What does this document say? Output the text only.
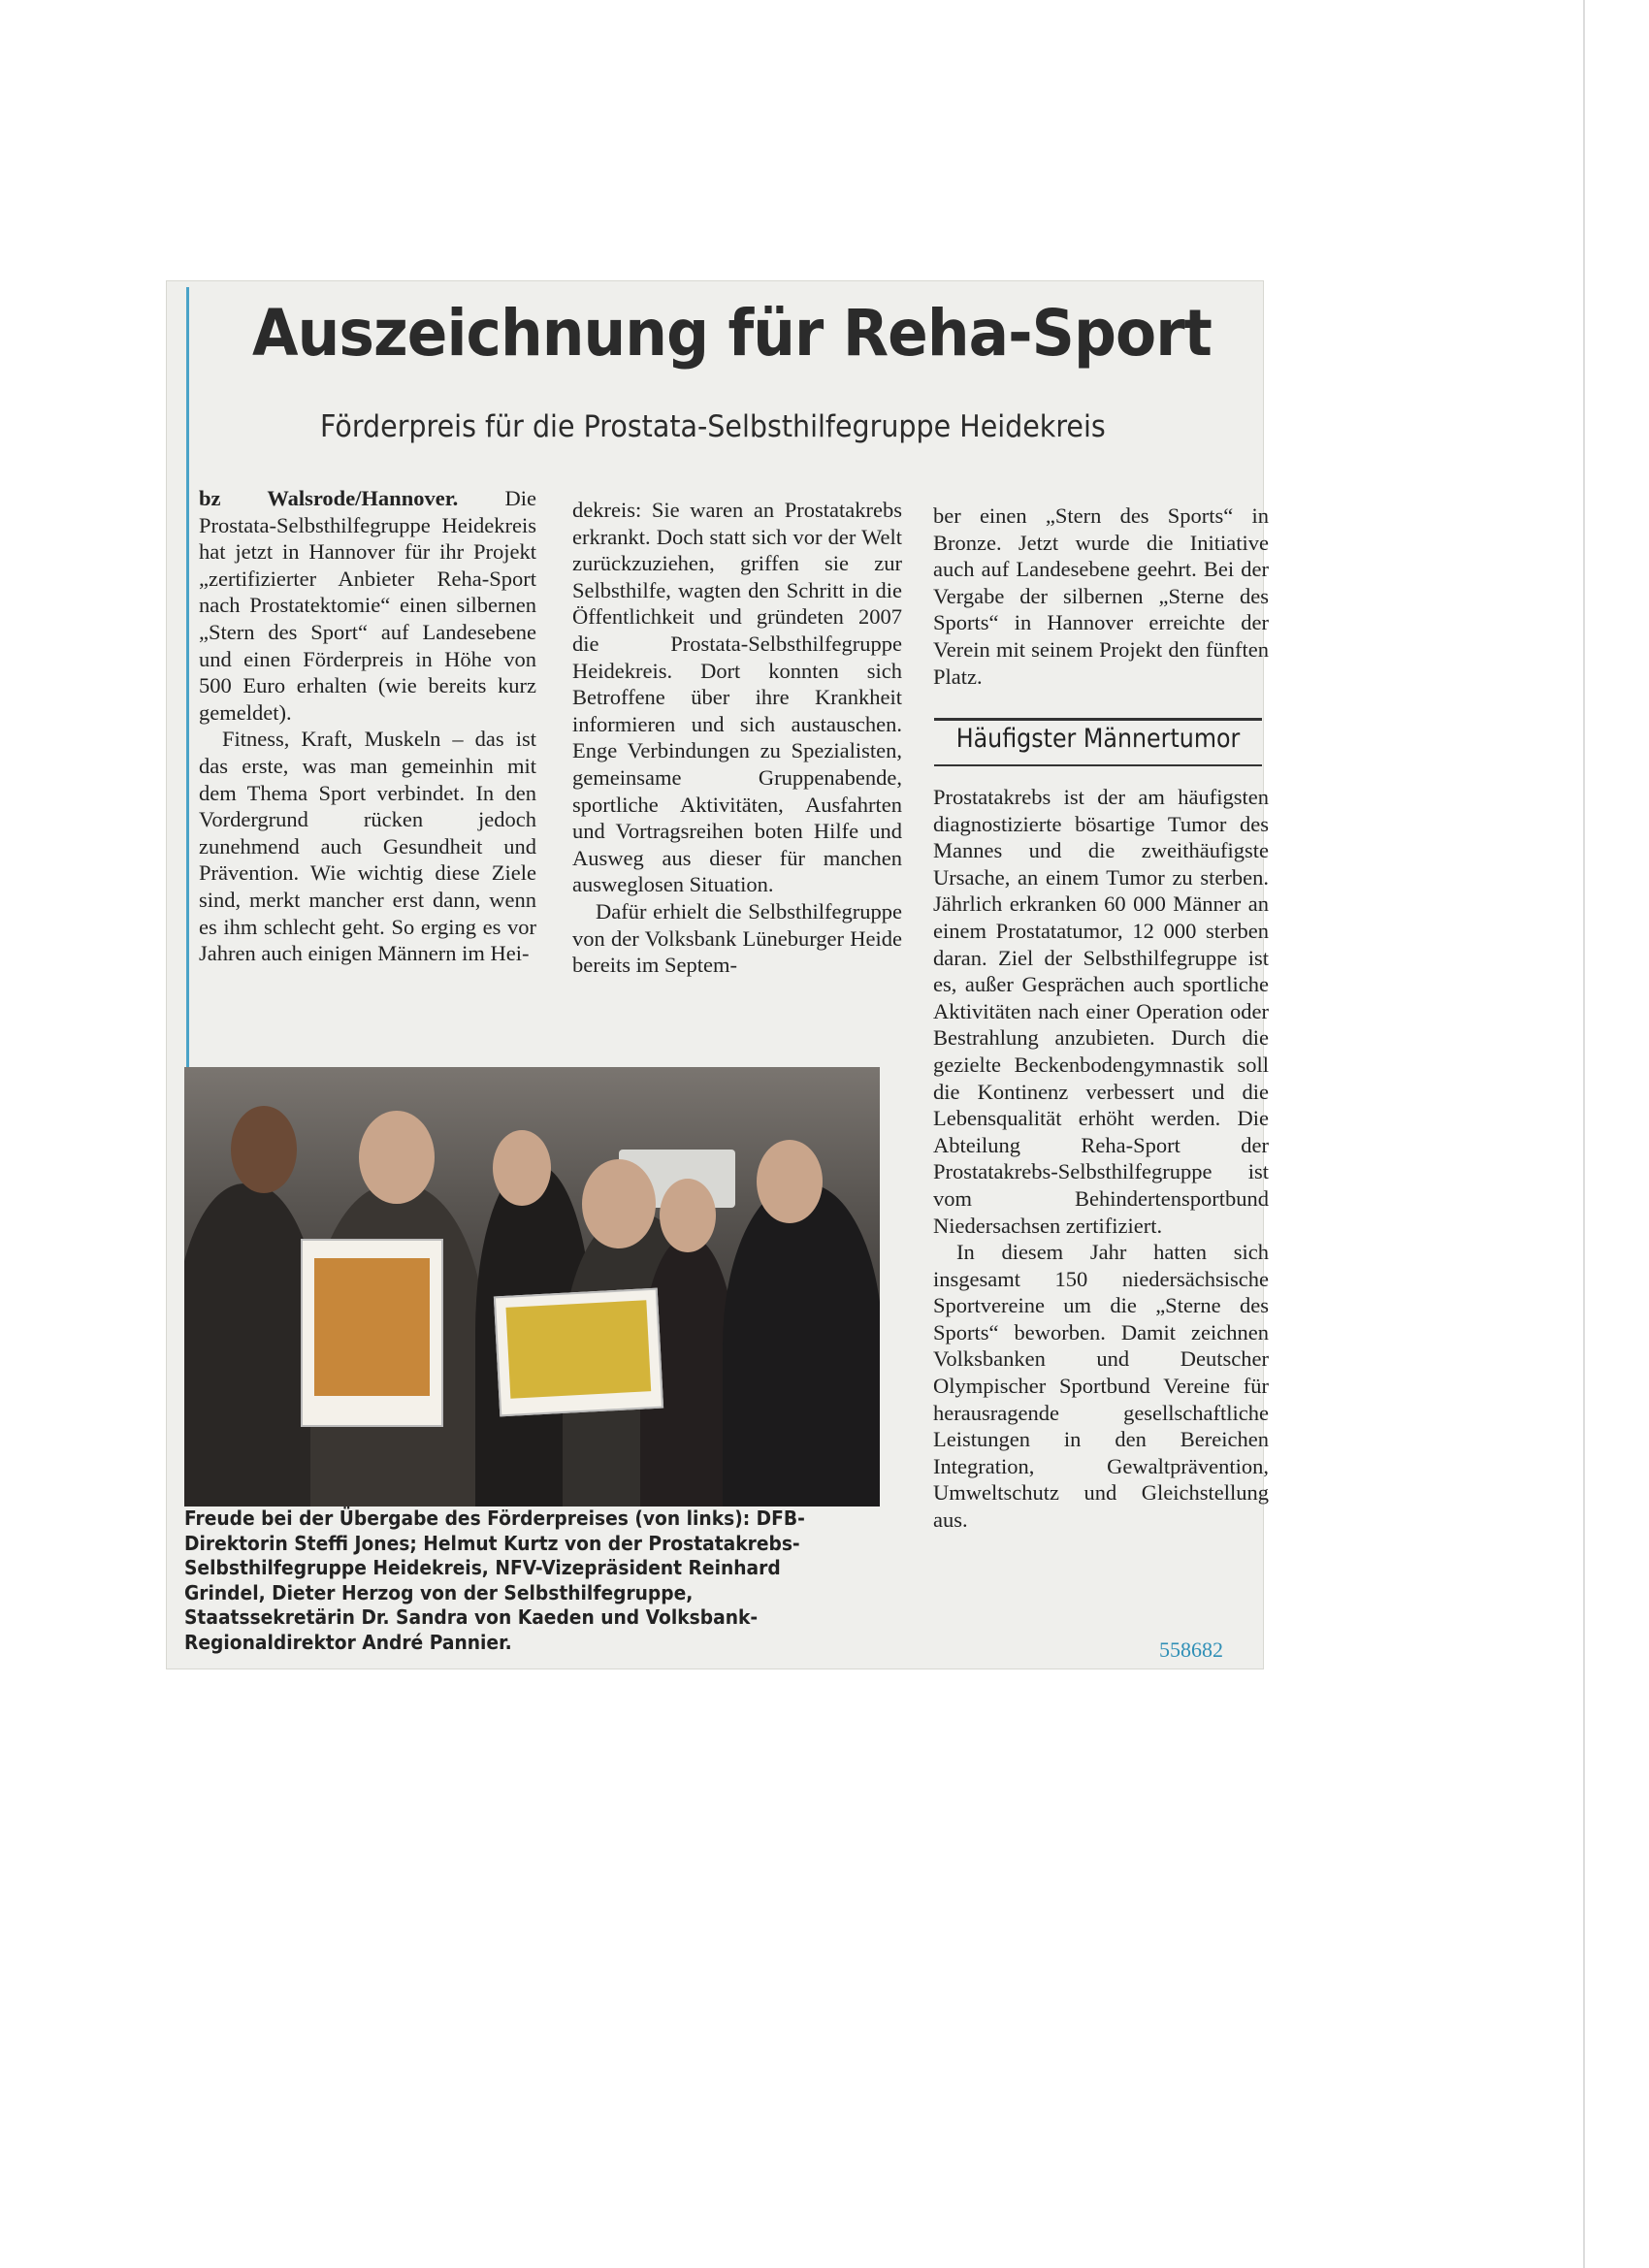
Auszeichnung für Reha-Sport
Förderpreis für die Prostata-Selbsthilfegruppe Heidekreis

bz Walsrode/Hannover. Die Prostata-Selbsthilfegruppe Heidekreis hat jetzt in Hannover für ihr Projekt „zertifizierter Anbieter Reha-Sport nach Prostatektomie“ einen silbernen „Stern des Sport“ auf Landesebene und einen Förderpreis in Höhe von 500 Euro erhalten (wie bereits kurz gemeldet).

Fitness, Kraft, Muskeln – das ist das erste, was man gemeinhin mit dem Thema Sport verbindet. In den Vordergrund rücken jedoch zunehmend auch Gesundheit und Prävention. Wie wichtig diese Ziele sind, merkt mancher erst dann, wenn es ihm schlecht geht. So erging es vor Jahren auch einigen Männern im Hei-

dekreis: Sie waren an Prostatakrebs erkrankt. Doch statt sich vor der Welt zurückzuziehen, griffen sie zur Selbsthilfe, wagten den Schritt in die Öffentlichkeit und gründeten 2007 die Prostata-Selbsthilfegruppe Heidekreis. Dort konnten sich Betroffene über ihre Krankheit informieren und sich austauschen. Enge Verbindungen zu Spezialisten, gemeinsame Gruppenabende, sportliche Aktivitäten, Ausfahrten und Vortragsreihen boten Hilfe und Ausweg aus dieser für manchen ausweglosen Situation.

Dafür erhielt die Selbsthilfegruppe von der Volksbank Lüneburger Heide bereits im Septem-

ber einen „Stern des Sports“ in Bronze. Jetzt wurde die Initiative auch auf Landesebene geehrt. Bei der Vergabe der silbernen „Sterne des Sports“ in Hannover erreichte der Verein mit seinem Projekt den fünften Platz.

Häufigster Männertumor

Prostatakrebs ist der am häufigsten diagnostizierte bösartige Tumor des Mannes und die zweithäufigste Ursache, an einem Tumor zu sterben. Jährlich erkranken 60 000 Männer an einem Prostatatumor, 12 000 sterben daran. Ziel der Selbsthilfegruppe ist es, außer Gesprächen auch sportliche Aktivitäten nach einer Operation oder Bestrahlung anzubieten. Durch die gezielte Beckenbodengymnastik soll die Kontinenz verbessert und die Lebensqualität erhöht werden. Die Abteilung Reha-Sport der Prostatakrebs-Selbsthilfegruppe ist vom Behindertensportbund Niedersachsen zertifiziert.

In diesem Jahr hatten sich insgesamt 150 niedersächsische Sportvereine um die „Sterne des Sports“ beworben. Damit zeichnen Volksbanken und Deutscher Olympischer Sportbund Vereine für herausragende gesellschaftliche Leistungen in den Bereichen Integration, Gewaltprävention, Umweltschutz und Gleichstellung aus.

Freude bei der Übergabe des Förderpreises (von links): DFB-Direktorin Steffi Jones; Helmut Kurtz von der Prostatakrebs-Selbsthilfegruppe Heidekreis, NFV-Vizepräsident Reinhard Grindel, Dieter Herzog von der Selbsthilfegruppe, Staatssekretärin Dr. Sandra von Kaeden und Volksbank-Regionaldirektor André Pannier.	558682
